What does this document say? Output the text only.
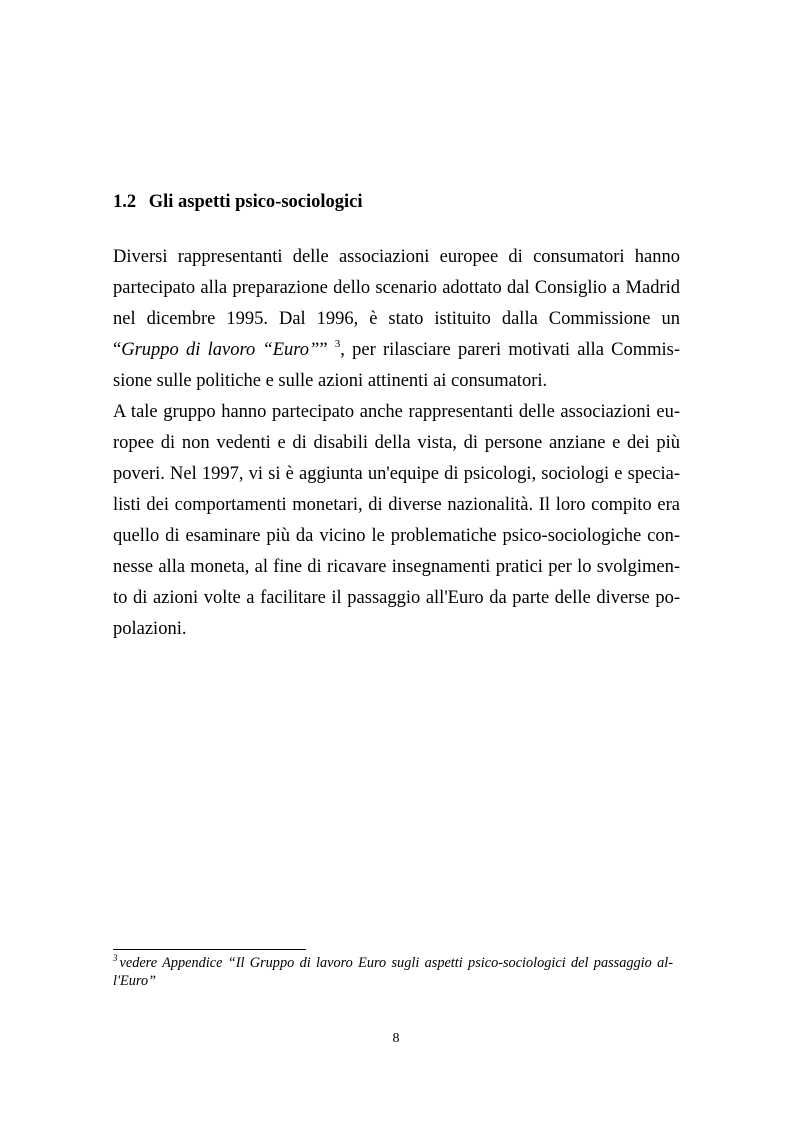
1.2 Gli aspetti psico-sociologici

Diversi rappresentanti delle associazioni europee di consumatori hanno
partecipato alla preparazione dello scenario adottato dal Consiglio a Madrid
nel dicembre 1995. Dal 1996, è stato istituito dalla Commissione un
“Gruppo di lavoro “Euro”” $^3$, per rilasciare pareri motivati alla Commis-
sione sulle politiche e sulle azioni attinenti ai consumatori.

A tale gruppo hanno partecipato anche rappresentanti delle associazioni eu-
ropee di non vedenti e di disabili della vista, di persone anziane e dei più
poveri. Nel 1997, vi si è aggiunta un'equipe di psicologi, sociologi e specia-
listi dei comportamenti monetari, di diverse nazionalità. Il loro compito era
quello di esaminare più da vicino le problematiche psico-sociologiche con-
nesse alla moneta, al fine di ricavare insegnamenti pratici per lo svolgimen-
to di azioni volte a facilitare il passaggio all'Euro da parte delle diverse po-
polazioni.

$^3$ vedere Appendice “Il Gruppo di lavoro Euro sugli aspetti psico-sociologici del passaggio al-
l'Euro”
8
